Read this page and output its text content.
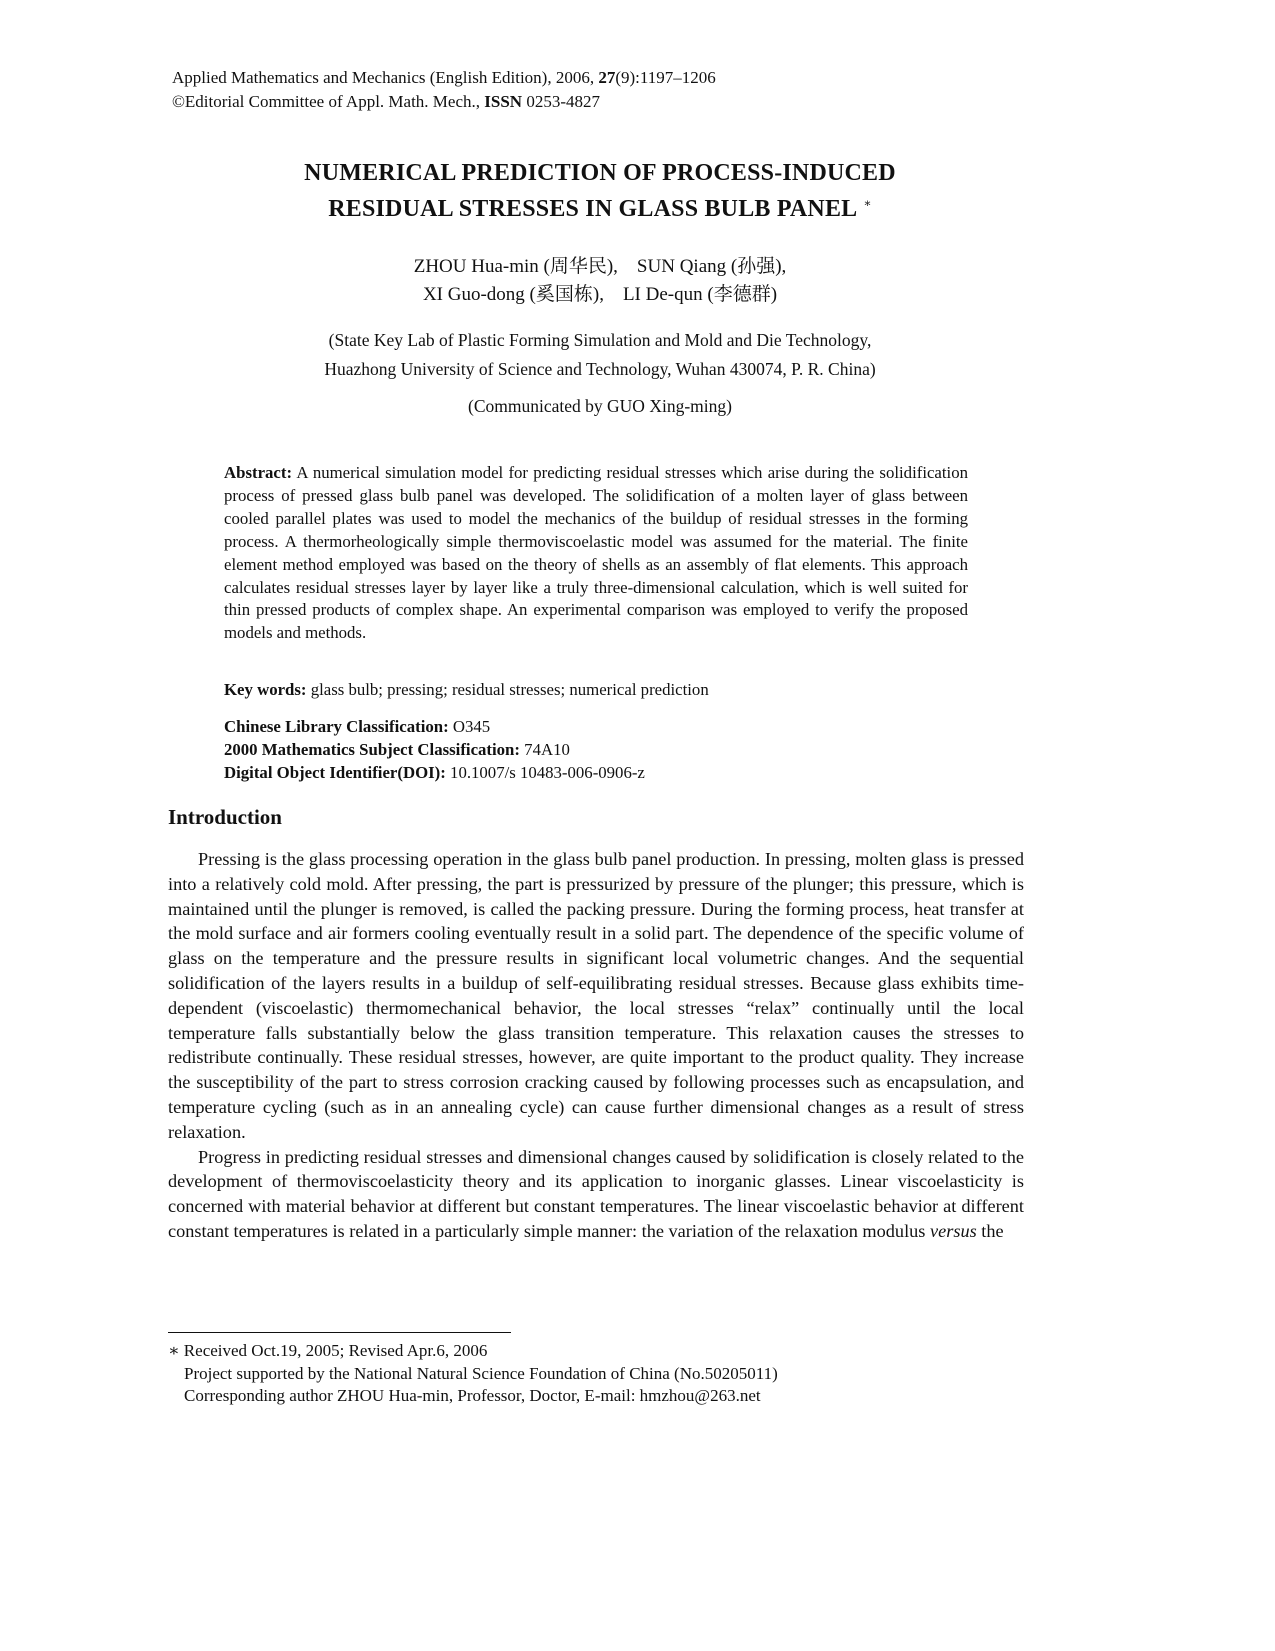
Applied Mathematics and Mechanics (English Edition), 2006, 27(9):1197–1206
©Editorial Committee of Appl. Math. Mech., ISSN 0253-4827
NUMERICAL PREDICTION OF PROCESS-INDUCED
RESIDUAL STRESSES IN GLASS BULB PANEL ∗
ZHOU Hua-min (周华民),    SUN Qiang (孙强),
XI Guo-dong (奚国栋),    LI De-qun (李德群)
(State Key Lab of Plastic Forming Simulation and Mold and Die Technology,
Huazhong University of Science and Technology, Wuhan 430074, P. R. China)
(Communicated by GUO Xing-ming)
Abstract: A numerical simulation model for predicting residual stresses which arise during the solidification process of pressed glass bulb panel was developed. The solidification of a molten layer of glass between cooled parallel plates was used to model the mechanics of the buildup of residual stresses in the forming process. A thermorheologically simple thermoviscoelastic model was assumed for the material. The finite element method employed was based on the theory of shells as an assembly of flat elements. This approach calculates residual stresses layer by layer like a truly three-dimensional calculation, which is well suited for thin pressed products of complex shape. An experimental comparison was employed to verify the proposed models and methods.
Key words: glass bulb; pressing; residual stresses; numerical prediction
Chinese Library Classification: O345
2000 Mathematics Subject Classification: 74A10
Digital Object Identifier(DOI): 10.1007/s 10483-006-0906-z
Introduction

Pressing is the glass processing operation in the glass bulb panel production. In pressing, molten glass is pressed into a relatively cold mold. After pressing, the part is pressurized by pressure of the plunger; this pressure, which is maintained until the plunger is removed, is called the packing pressure. During the forming process, heat transfer at the mold surface and air formers cooling eventually result in a solid part. The dependence of the specific volume of glass on the temperature and the pressure results in significant local volumetric changes. And the sequential solidification of the layers results in a buildup of self-equilibrating residual stresses. Because glass exhibits time-dependent (viscoelastic) thermomechanical behavior, the local stresses “relax” continually until the local temperature falls substantially below the glass transition temperature. This relaxation causes the stresses to redistribute continually. These residual stresses, however, are quite important to the product quality. They increase the susceptibility of the part to stress corrosion cracking caused by following processes such as encapsulation, and temperature cycling (such as in an annealing cycle) can cause further dimensional changes as a result of stress relaxation.

Progress in predicting residual stresses and dimensional changes caused by solidification is closely related to the development of thermoviscoelasticity theory and its application to inorganic glasses. Linear viscoelasticity is concerned with material behavior at different but constant temperatures. The linear viscoelastic behavior at different constant temperatures is related in a particularly simple manner: the variation of the relaxation modulus versus the

∗ Received Oct.19, 2005; Revised Apr.6, 2006
Project supported by the National Natural Science Foundation of China (No.50205011)
Corresponding author ZHOU Hua-min, Professor, Doctor, E-mail: hmzhou@263.net
